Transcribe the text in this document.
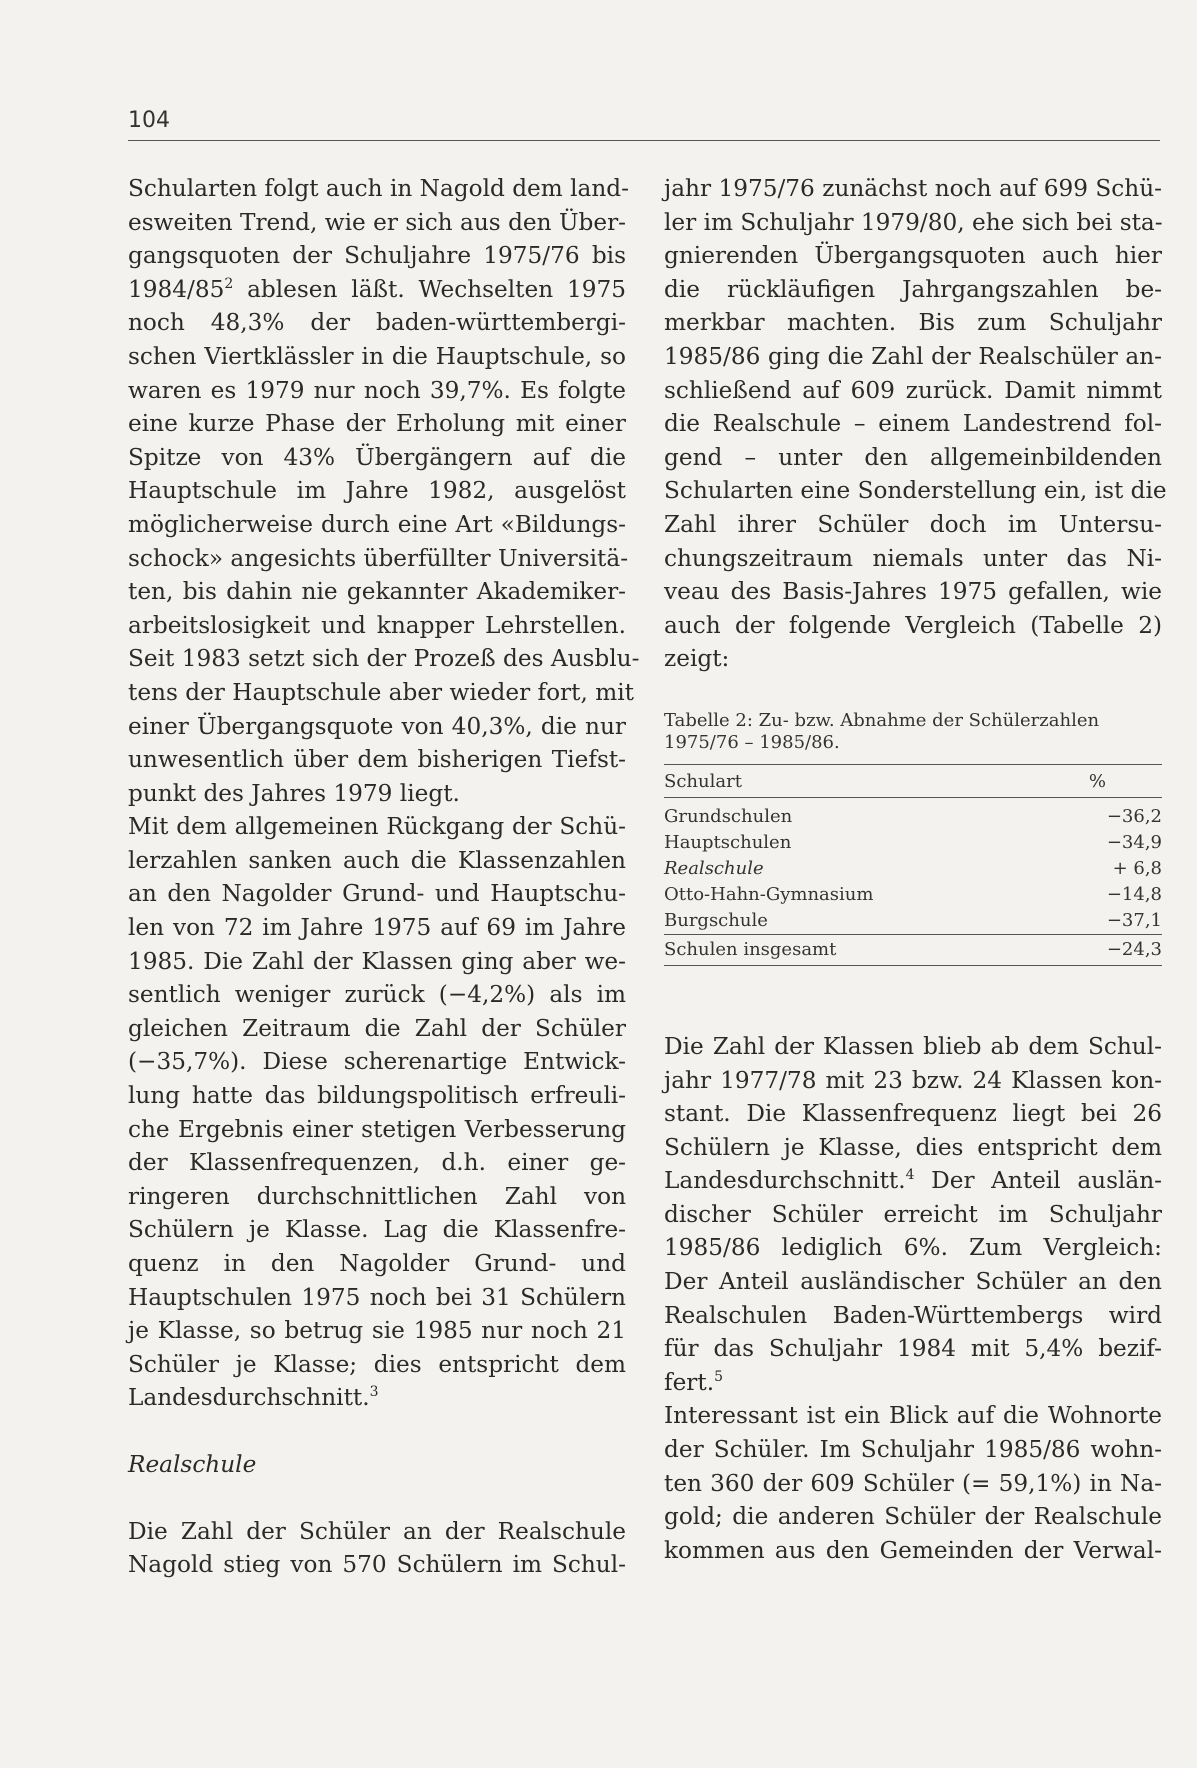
104

Schularten folgt auch in Nagold dem land-
esweiten Trend, wie er sich aus den Über-
gangsquoten der Schuljahre 1975/76 bis
$1984/85^2$ ablesen läßt. Wechselten 1975
noch 48,3% der baden-württembergi-
schen Viertklässler in die Hauptschule, so
waren es 1979 nur noch 39,7%. Es folgte
eine kurze Phase der Erholung mit einer
Spitze von 43% Übergängern auf die
Hauptschule im Jahre 1982, ausgelöst
möglicherweise durch eine Art «Bildungs-
schock» angesichts überfüllter Universitä-
ten, bis dahin nie gekannter Akademiker-
arbeitslosigkeit und knapper Lehrstellen.
Seit 1983 setzt sich der Prozeß des Ausblu-
tens der Hauptschule aber wieder fort, mit
einer Übergangsquote von 40,3%, die nur
unwesentlich über dem bisherigen Tiefst-
punkt des Jahres 1979 liegt.

Mit dem allgemeinen Rückgang der Schü-
lerzahlen sanken auch die Klassenzahlen
an den Nagolder Grund- und Hauptschu-
len von 72 im Jahre 1975 auf 69 im Jahre
1985. Die Zahl der Klassen ging aber we-
sentlich weniger zurück (−4,2%) als im
gleichen Zeitraum die Zahl der Schüler
(−35,7%). Diese scherenartige Entwick-
lung hatte das bildungspolitisch erfreuli-
che Ergebnis einer stetigen Verbesserung
der Klassenfrequenzen, d.h. einer ge-
ringeren durchschnittlichen Zahl von
Schülern je Klasse. Lag die Klassenfre-
quenz in den Nagolder Grund- und
Hauptschulen 1975 noch bei 31 Schülern
je Klasse, so betrug sie 1985 nur noch 21
Schüler je Klasse; dies entspricht dem
Landesdurchschnitt.$^3$

Realschule

Die Zahl der Schüler an der Realschule
Nagold stieg von 570 Schülern im Schul-

jahr 1975/76 zunächst noch auf 699 Schü-
ler im Schuljahr 1979/80, ehe sich bei sta-
gnierenden Übergangsquoten auch hier
die rückläufigen Jahrgangszahlen be-
merkbar machten. Bis zum Schuljahr
1985/86 ging die Zahl der Realschüler an-
schließend auf 609 zurück. Damit nimmt
die Realschule – einem Landestrend fol-
gend – unter den allgemeinbildenden
Schularten eine Sonderstellung ein, ist die
Zahl ihrer Schüler doch im Untersu-
chungszeitraum niemals unter das Ni-
veau des Basis-Jahres 1975 gefallen, wie
auch der folgende Vergleich (Tabelle 2)
zeigt:

Tabelle 2: Zu- bzw. Abnahme der Schülerzahlen
1975/76 – 1985/86.
Schulart	%
Grundschulen	−36,2
Hauptschulen	−34,9
Realschule	+ 6,8
Otto-Hahn-Gymnasium	−14,8
Burgschule	−37,1
Schulen insgesamt	−24,3

Die Zahl der Klassen blieb ab dem Schul-
jahr 1977/78 mit 23 bzw. 24 Klassen kon-
stant. Die Klassenfrequenz liegt bei 26
Schülern je Klasse, dies entspricht dem
Landesdurchschnitt.$^4$ Der Anteil auslän-
discher Schüler erreicht im Schuljahr
1985/86 lediglich 6%. Zum Vergleich:
Der Anteil ausländischer Schüler an den
Realschulen Baden-Württembergs wird
für das Schuljahr 1984 mit 5,4% bezif-
fert.$^5$

Interessant ist ein Blick auf die Wohnorte
der Schüler. Im Schuljahr 1985/86 wohn-
ten 360 der 609 Schüler (= 59,1%) in Na-
gold; die anderen Schüler der Realschule
kommen aus den Gemeinden der Verwal-
